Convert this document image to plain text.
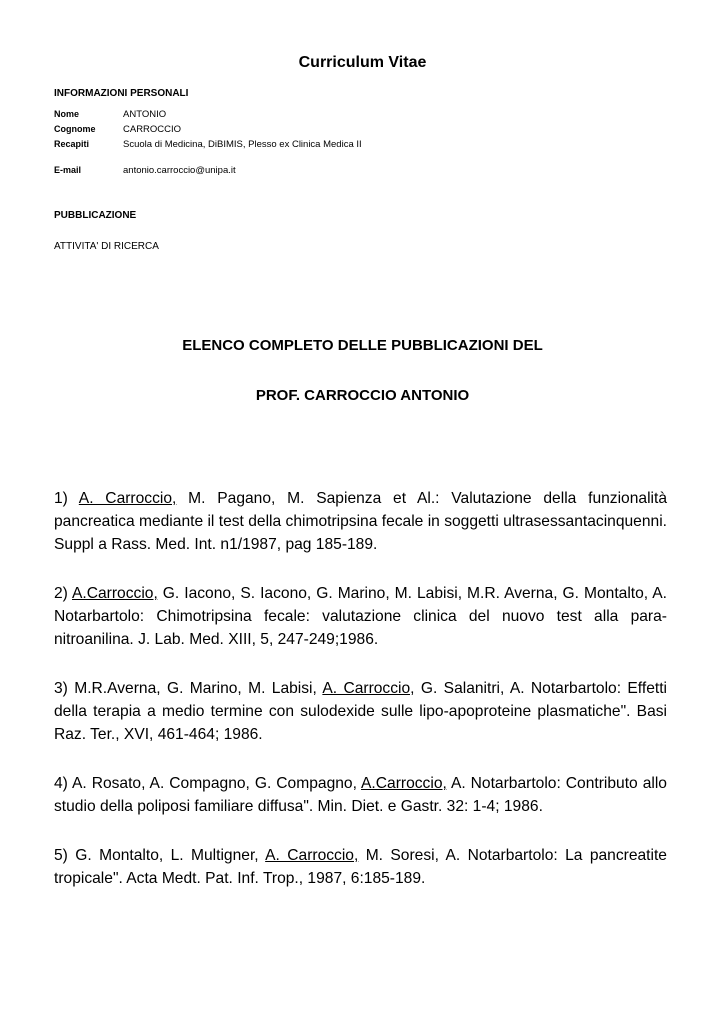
Curriculum Vitae
INFORMAZIONI PERSONALI
Nome	ANTONIO
Cognome	CARROCCIO
Recapiti	Scuola di Medicina, DiBIMIS, Plesso ex Clinica Medica II
E-mail	antonio.carroccio@unipa.it
PUBBLICAZIONE

ATTIVITA' DI RICERCA

ELENCO COMPLETO DELLE PUBBLICAZIONI DEL
PROF. CARROCCIO ANTONIO
1) A. Carroccio, M. Pagano, M. Sapienza et Al.: Valutazione della funzionalità pancreatica mediante il test della chimotripsina fecale in soggetti ultrasessantacinquenni. Suppl a Rass. Med. Int. n1/1987, pag 185-189.
2) A.Carroccio, G. Iacono, S. Iacono, G. Marino, M. Labisi, M.R. Averna, G. Montalto, A. Notarbartolo: Chimotripsina fecale: valutazione clinica del nuovo test alla para-nitroanilina. J. Lab. Med. XIII, 5, 247-249;1986.
3) M.R.Averna, G. Marino, M. Labisi, A. Carroccio, G. Salanitri, A. Notarbartolo: Effetti della terapia a medio termine con sulodexide sulle lipo-apoproteine plasmatiche". Basi Raz. Ter., XVI, 461-464; 1986.
4) A. Rosato, A. Compagno, G. Compagno, A.Carroccio, A. Notarbartolo: Contributo allo studio della poliposi familiare diffusa". Min. Diet. e Gastr. 32: 1-4; 1986.
5) G. Montalto, L. Multigner, A. Carroccio, M. Soresi, A. Notarbartolo: La pancreatite tropicale". Acta Medt. Pat. Inf. Trop., 1987, 6:185-189.
